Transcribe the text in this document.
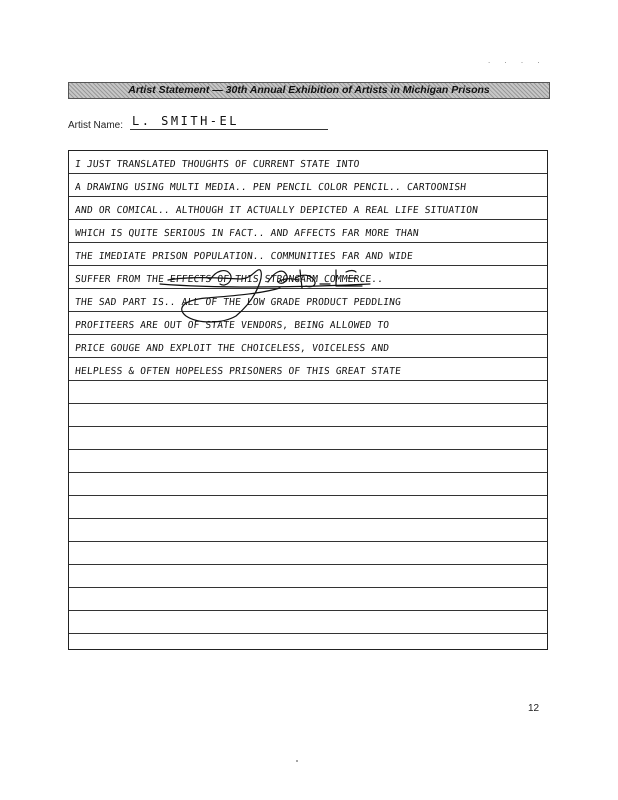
. . . .
Artist Statement — 30th Annual Exhibition of Artists in Michigan Prisons
Artist Name: L. SMITH-EL
I JUST TRANSLATED THOUGHTS OF CURRENT STATE INTO
A DRAWING USING MULTI MEDIA.. PEN PENCIL COLOR PENCIL.. CARTOONISH
AND OR COMICAL.. ALTHOUGH IT ACTUALLY DEPICTED A REAL LIFE SITUATION
WHICH IS QUITE SERIOUS IN FACT.. AND AFFECTS FAR MORE THAN
THE IMEDIATE PRISON POPULATION.. COMMUNITIES FAR AND WIDE
SUFFER FROM THE EFFECTS OF THIS STRONGARM COMMERCE..
THE SAD PART IS.. ALL OF THE LOW GRADE PRODUCT PEDDLING
PROFITEERS ARE OUT OF STATE VENDORS, BEING ALLOWED TO
PRICE GOUGE AND EXPLOIT THE CHOICELESS, VOICELESS AND
HELPLESS & OFTEN HOPELESS PRISONERS OF THIS GREAT STATE
12
